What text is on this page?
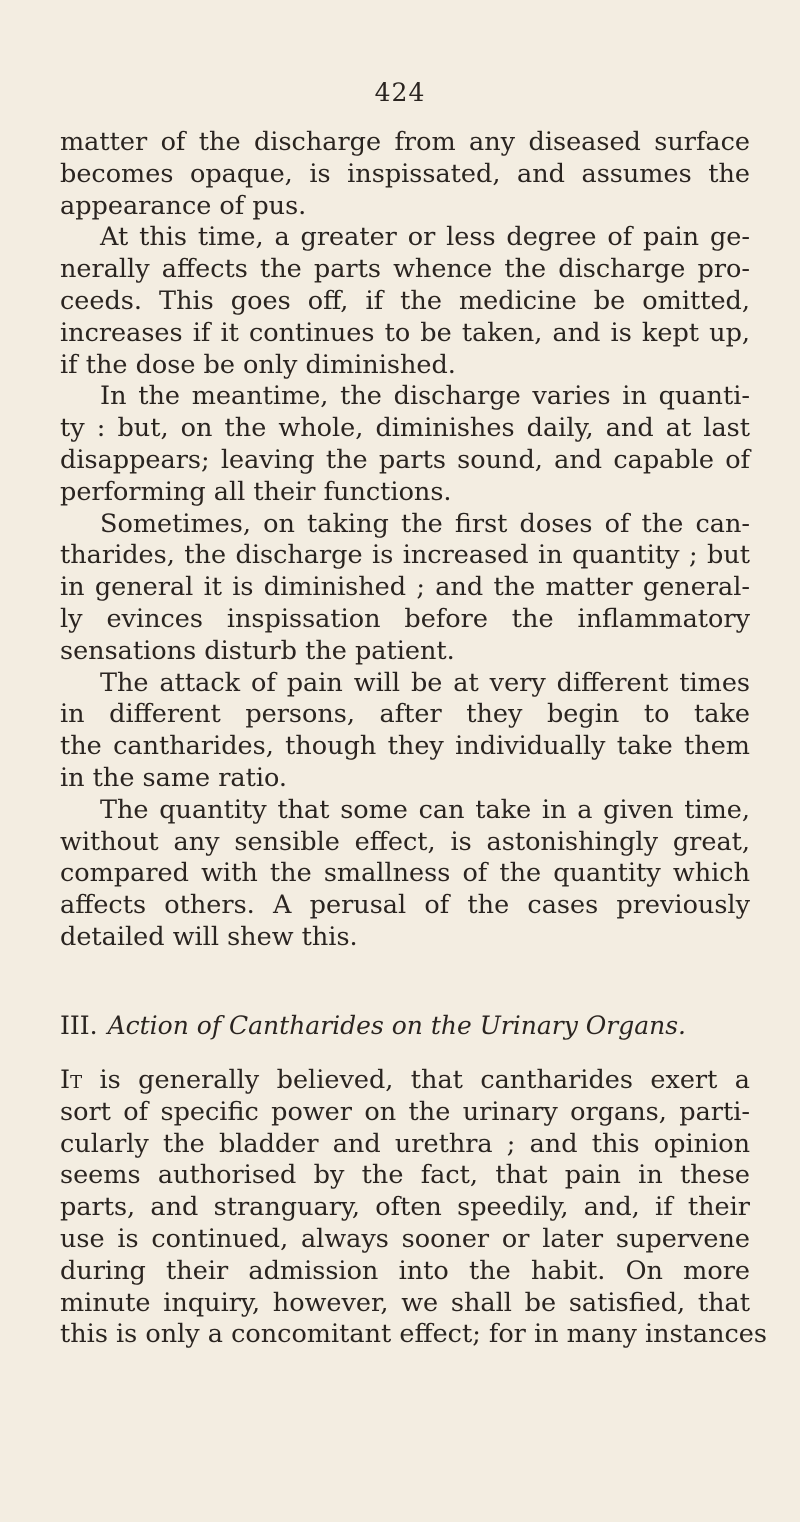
424
matter of the discharge from any diseased surface
becomes opaque, is inspissated, and assumes the
appearance of pus.
At this time, a greater or less degree of pain ge-
nerally affects the parts whence the discharge pro-
ceeds. This goes off, if the medicine be omitted,
increases if it continues to be taken, and is kept up,
if the dose be only diminished.
In the meantime, the discharge varies in quanti-
ty : but, on the whole, diminishes daily, and at last
disappears; leaving the parts sound, and capable of
performing all their functions.
Sometimes, on taking the first doses of the can-
tharides, the discharge is increased in quantity ; but
in general it is diminished ; and the matter general-
ly evinces inspissation before the inflammatory
sensations disturb the patient.
The attack of pain will be at very different times
in different persons, after they begin to take
the cantharides, though they individually take them
in the same ratio.
The quantity that some can take in a given time,
without any sensible effect, is astonishingly great,
compared with the smallness of the quantity which
affects others. A perusal of the cases previously
detailed will shew this.
III. Action of Cantharides on the Urinary Organs.
It is generally believed, that cantharides exert a
sort of specific power on the urinary organs, parti-
cularly the bladder and urethra ; and this opinion
seems authorised by the fact, that pain in these
parts, and stranguary, often speedily, and, if their
use is continued, always sooner or later supervene
during their admission into the habit. On more
minute inquiry, however, we shall be satisfied, that
this is only a concomitant effect; for in many instances
